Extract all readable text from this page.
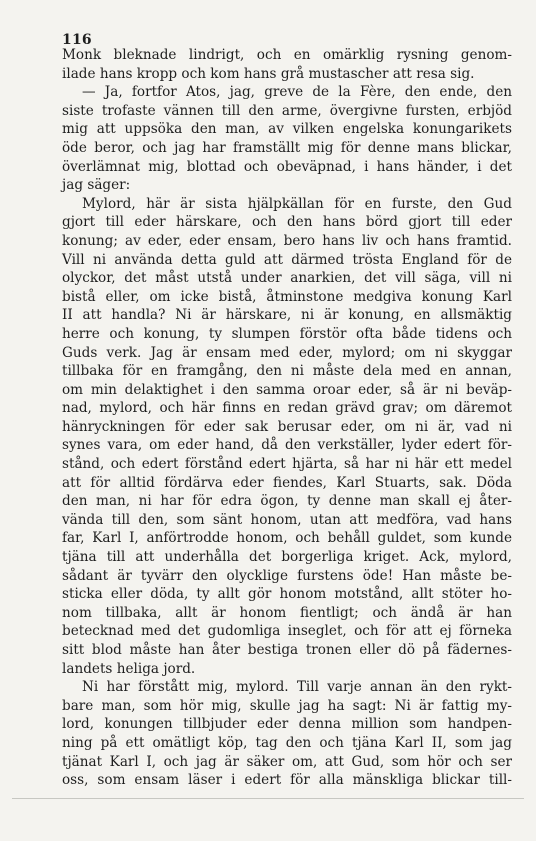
116

Monk bleknade lindrigt, och en omärklig rysning genom-
ilade hans kropp och kom hans grå mustascher att resa sig.

— Ja, fortfor Atos, jag, greve de la Fère, den ende, den
siste trofaste vännen till den arme, övergivne fursten, erbjöd
mig att uppsöka den man, av vilken engelska konungarikets
öde beror, och jag har framställt mig för denne mans blickar,
överlämnat mig, blottad och obeväpnad, i hans händer, i det
jag säger:

Mylord, här är sista hjälpkällan för en furste, den Gud
gjort till eder härskare, och den hans börd gjort till eder
konung; av eder, eder ensam, bero hans liv och hans framtid.
Vill ni använda detta guld att därmed trösta England för de
olyckor, det måst utstå under anarkien, det vill säga, vill ni
bistå eller, om icke bistå, åtminstone medgiva konung Karl
II att handla? Ni är härskare, ni är konung, en allsmäktig
herre och konung, ty slumpen förstör ofta både tidens och
Guds verk. Jag är ensam med eder, mylord; om ni skyggar
tillbaka för en framgång, den ni måste dela med en annan,
om min delaktighet i den samma oroar eder, så är ni beväp-
nad, mylord, och här finns en redan grävd grav; om däremot
hänryckningen för eder sak berusar eder, om ni är, vad ni
synes vara, om eder hand, då den verkställer, lyder edert för-
stånd, och edert förstånd edert hjärta, så har ni här ett medel
att för alltid fördärva eder fiendes, Karl Stuarts, sak. Döda
den man, ni har för edra ögon, ty denne man skall ej åter-
vända till den, som sänt honom, utan att medföra, vad hans
far, Karl I, anförtrodde honom, och behåll guldet, som kunde
tjäna till att underhålla det borgerliga kriget. Ack, mylord,
sådant är tyvärr den olycklige furstens öde! Han måste be-
sticka eller döda, ty allt gör honom motstånd, allt stöter ho-
nom tillbaka, allt är honom fientligt; och ändå är han
betecknad med det gudomliga inseglet, och för att ej förneka
sitt blod måste han åter bestiga tronen eller dö på fädernes-
landets heliga jord.

Ni har förstått mig, mylord. Till varje annan än den rykt-
bare man, som hör mig, skulle jag ha sagt: Ni är fattig my-
lord, konungen tillbjuder eder denna million som handpen-
ning på ett omätligt köp, tag den och tjäna Karl II, som jag
tjänat Karl I, och jag är säker om, att Gud, som hör och ser
oss, som ensam läser i edert för alla mänskliga blickar till-
